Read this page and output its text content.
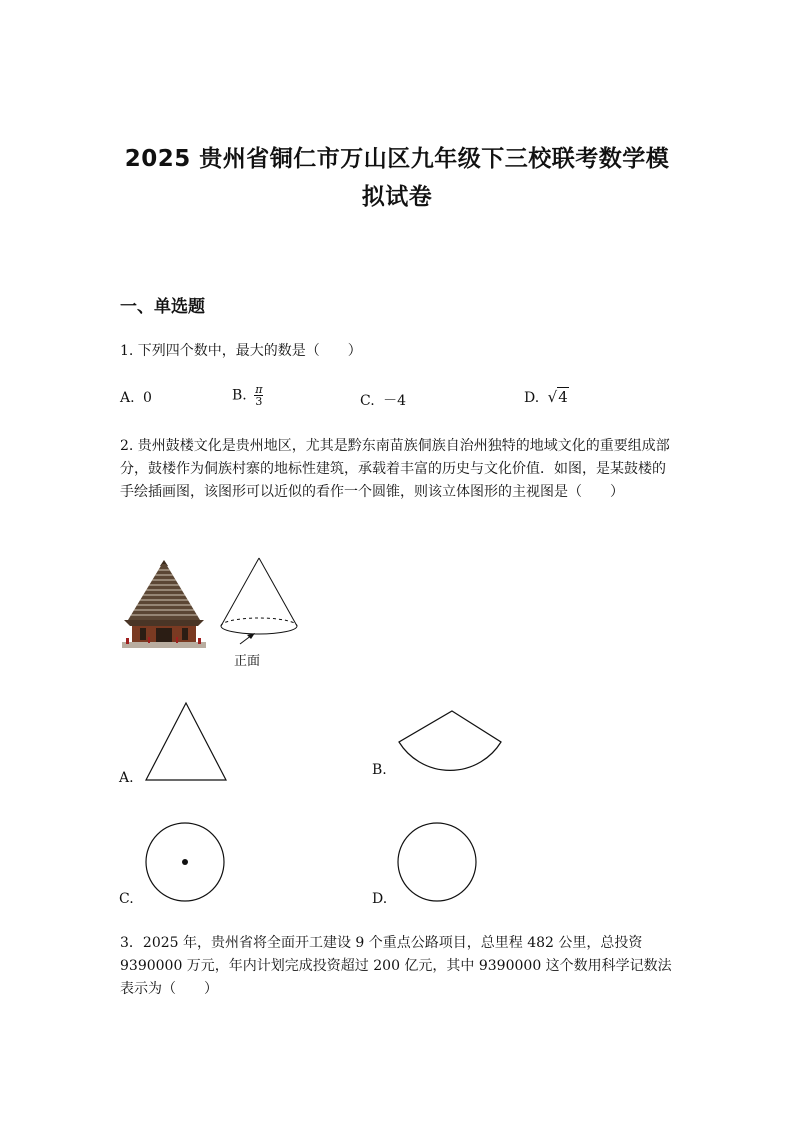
2025 贵州省铜仁市万山区九年级下三校联考数学模
拟试卷
一、单选题
1. 下列四个数中，最大的数是（　　）
A. 0	B. $\frac{\pi}{3}$	C. －4	D. √4
2. 贵州鼓楼文化是贵州地区，尤其是黔东南苗族侗族自治州独特的地域文化的重要组成部分，鼓楼作为侗族村寨的地标性建筑，承载着丰富的历史与文化价值．如图，是某鼓楼的手绘插画图，该图形可以近似的看作一个圆锥，则该立体图形的主视图是（　　）
正面
A.	B.
C.	D.
3．2025 年，贵州省将全面开工建设 9 个重点公路项目，总里程 482 公里，总投资 9390000 万元，年内计划完成投资超过 200 亿元，其中 9390000 这个数用科学记数法表示为（　　）
